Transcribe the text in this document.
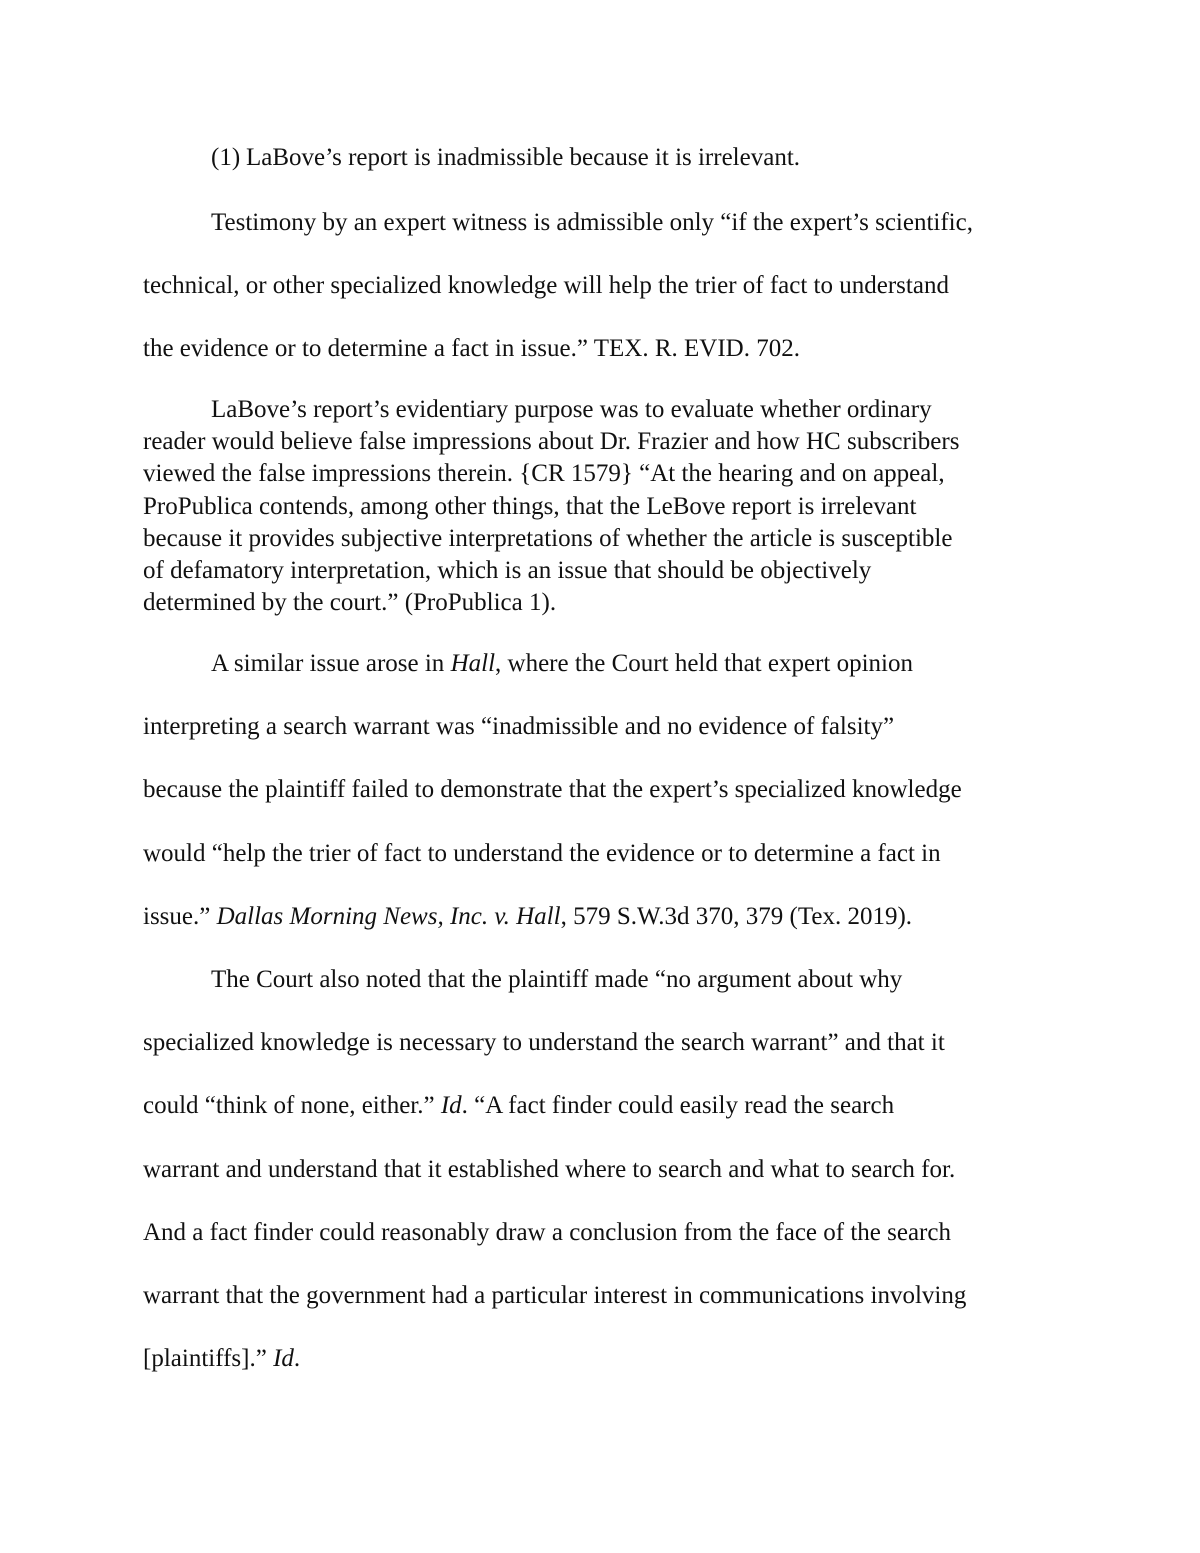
(1) LaBove’s report is inadmissible because it is irrelevant.

Testimony by an expert witness is admissible only “if the expert’s scientific,

technical, or other specialized knowledge will help the trier of fact to understand

the evidence or to determine a fact in issue.” TEX. R. EVID. 702.

LaBove’s report’s evidentiary purpose was to evaluate whether ordinary

reader would believe false impressions about Dr. Frazier and how HC subscribers

viewed the false impressions therein. {CR 1579} “At the hearing and on appeal,

ProPublica contends, among other things, that the LeBove report is irrelevant

because it provides subjective interpretations of whether the article is susceptible

of defamatory interpretation, which is an issue that should be objectively

determined by the court.” (ProPublica 1).

A similar issue arose in Hall, where the Court held that expert opinion

interpreting a search warrant was “inadmissible and no evidence of falsity”

because the plaintiff failed to demonstrate that the expert’s specialized knowledge

would “help the trier of fact to understand the evidence or to determine a fact in

issue.” Dallas Morning News, Inc. v. Hall, 579 S.W.3d 370, 379 (Tex. 2019).

The Court also noted that the plaintiff made “no argument about why

specialized knowledge is necessary to understand the search warrant” and that it

could “think of none, either.” Id. “A fact finder could easily read the search

warrant and understand that it established where to search and what to search for.

And a fact finder could reasonably draw a conclusion from the face of the search

warrant that the government had a particular interest in communications involving

[plaintiffs].” Id.
